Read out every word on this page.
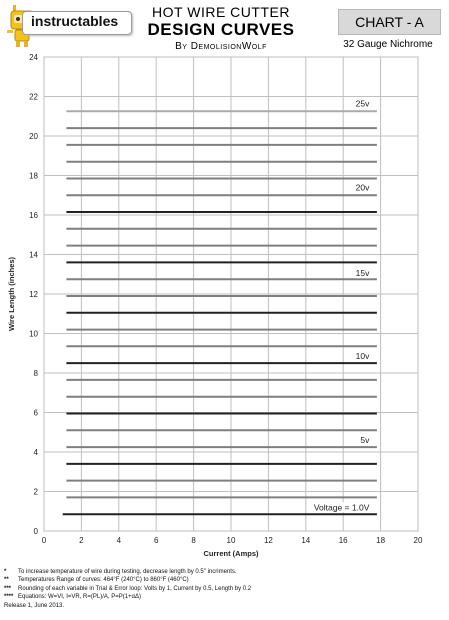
instructables
HOT WIRE CUTTER
DESIGN CURVES
By DemolisionWolf
CHART - A
32 Gauge Nichrome
25v
20v
15v
10v
5v
Voltage = 1.0V
0	2	4	6	8	10	12	14	16	18	20
0
2
4
6
8
10
12
14
16
18
20
22
24
Current (Amps)
Wire Length (inches)
* To increase temperature of wire during testing, decrease length by 0.5" incriments.
** Temperatures Range of curves: 464°F (240°C) to 860°F (460°C)
*** Rounding of each variable in Trial & Error loop: Volts by 1, Current by 0.5, Length by 0.2
**** Equations: W=VI, I=VR, R=(PL)/A, P=P(1+αΔ)
Release 1, June 2013.
